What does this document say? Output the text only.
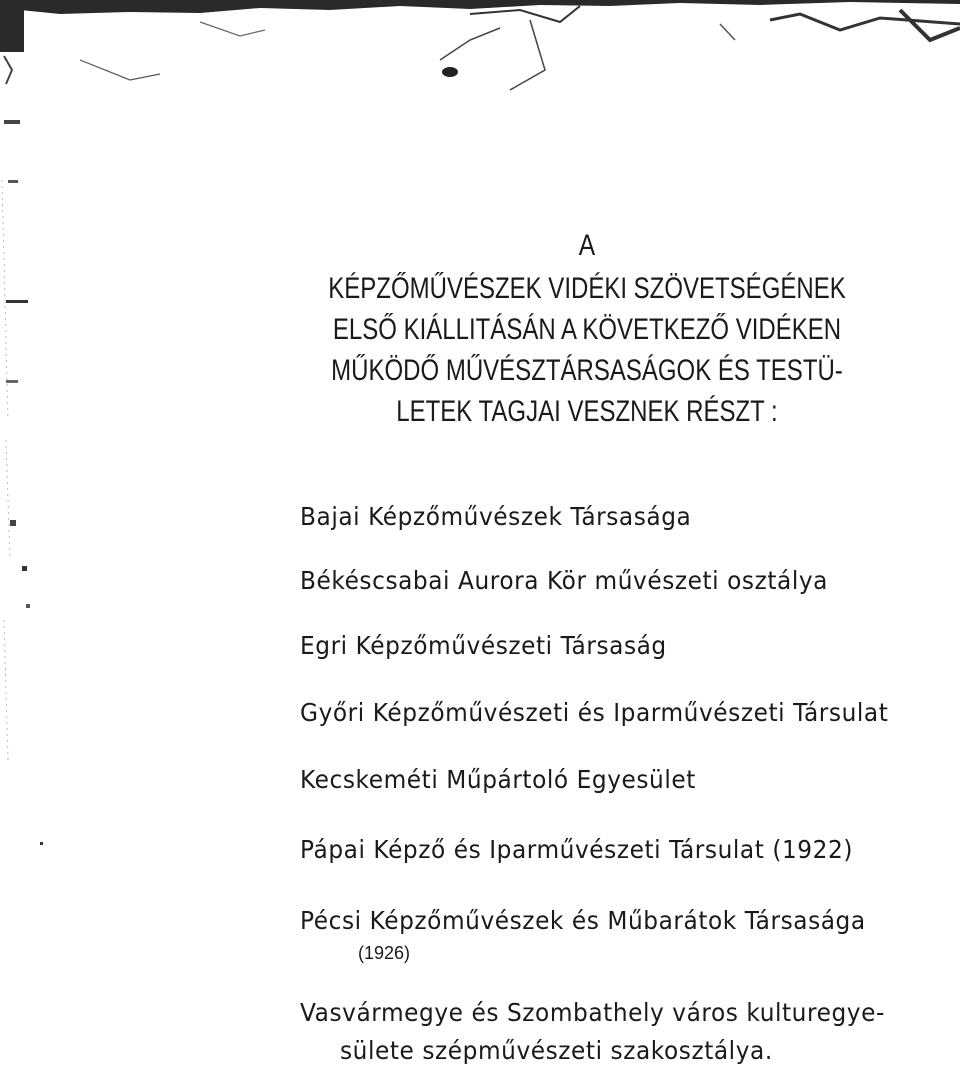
A
KÉPZŐMŰVÉSZEK VIDÉKI SZÖVETSÉGÉNEK
ELSŐ KIÁLLITÁSÁN A KÖVETKEZŐ VIDÉKEN
MŰKÖDŐ MŰVÉSZTÁRSASÁGOK ÉS TESTÜ-
LETEK TAGJAI VESZNEK RÉSZT :
Bajai Képzőművészek Társasága
Békéscsabai Aurora Kör művészeti osztálya
Egri Képzőművészeti Társaság
Győri Képzőművészeti és Iparművészeti Társulat
Kecskeméti Műpártoló Egyesület
Pápai Képző és Iparművészeti Társulat (1922)
Pécsi Képzőművészek és Műbarátok Társasága
(1926)
Vasvármegye és Szombathely város kulturegye-
sülete szépművészeti szakosztálya.
